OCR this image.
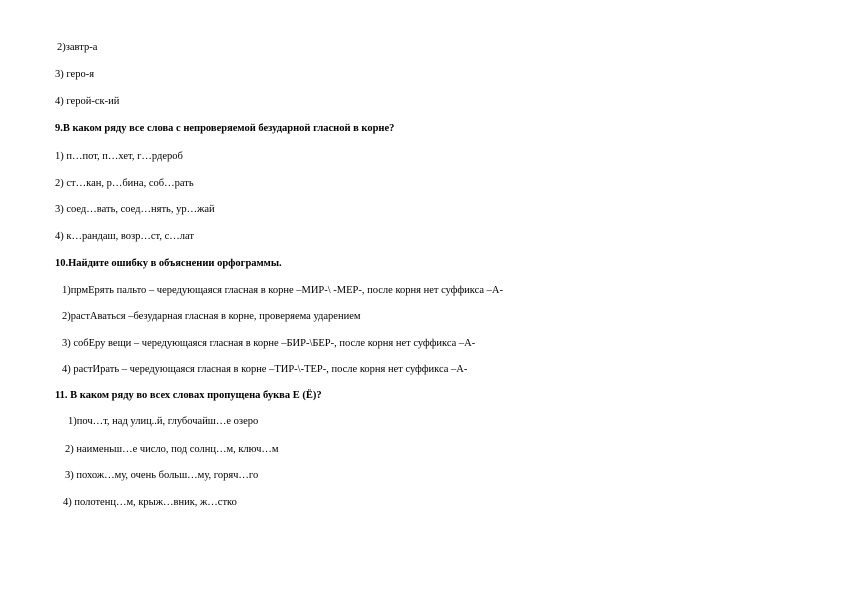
2)завтр-а
3) геро-я
4) герой-ск-ий
9.В каком ряду все слова с непроверяемой безударной гласной в корне?
1) п…пот, п…хет, г…рдероб
2) ст…кан, р…бина, соб…рать
3) соед…вать, соед…нять, ур…жай
4) к…рандаш, возр…ст, с…лат
10.Найдите ошибку в объяснении орфограммы.
1)прмЕрять пальто – чередующаяся гласная в корне –МИР-\ -МЕР-, после корня нет суффикса –А-
2)растАваться –безударная гласная в корне, проверяема ударением
3) собЕру вещи – чередующаяся гласная в корне –БИР-\БЕР-, после корня нет суффикса –А-
4) растИрать – чередующаяся гласная в корне –ТИР-\-ТЕР-, после корня нет суффикса –А-
11. В каком ряду во всех словах пропущена буква Е (Ё)?
1)поч…т, над улиц..й, глубочайш…е озеро
2) наименьш…е число, под солнц…м, ключ…м
3) похож…му, очень больш…му, горяч…го
4) полотенц…м, крыж…вник, ж…стко
